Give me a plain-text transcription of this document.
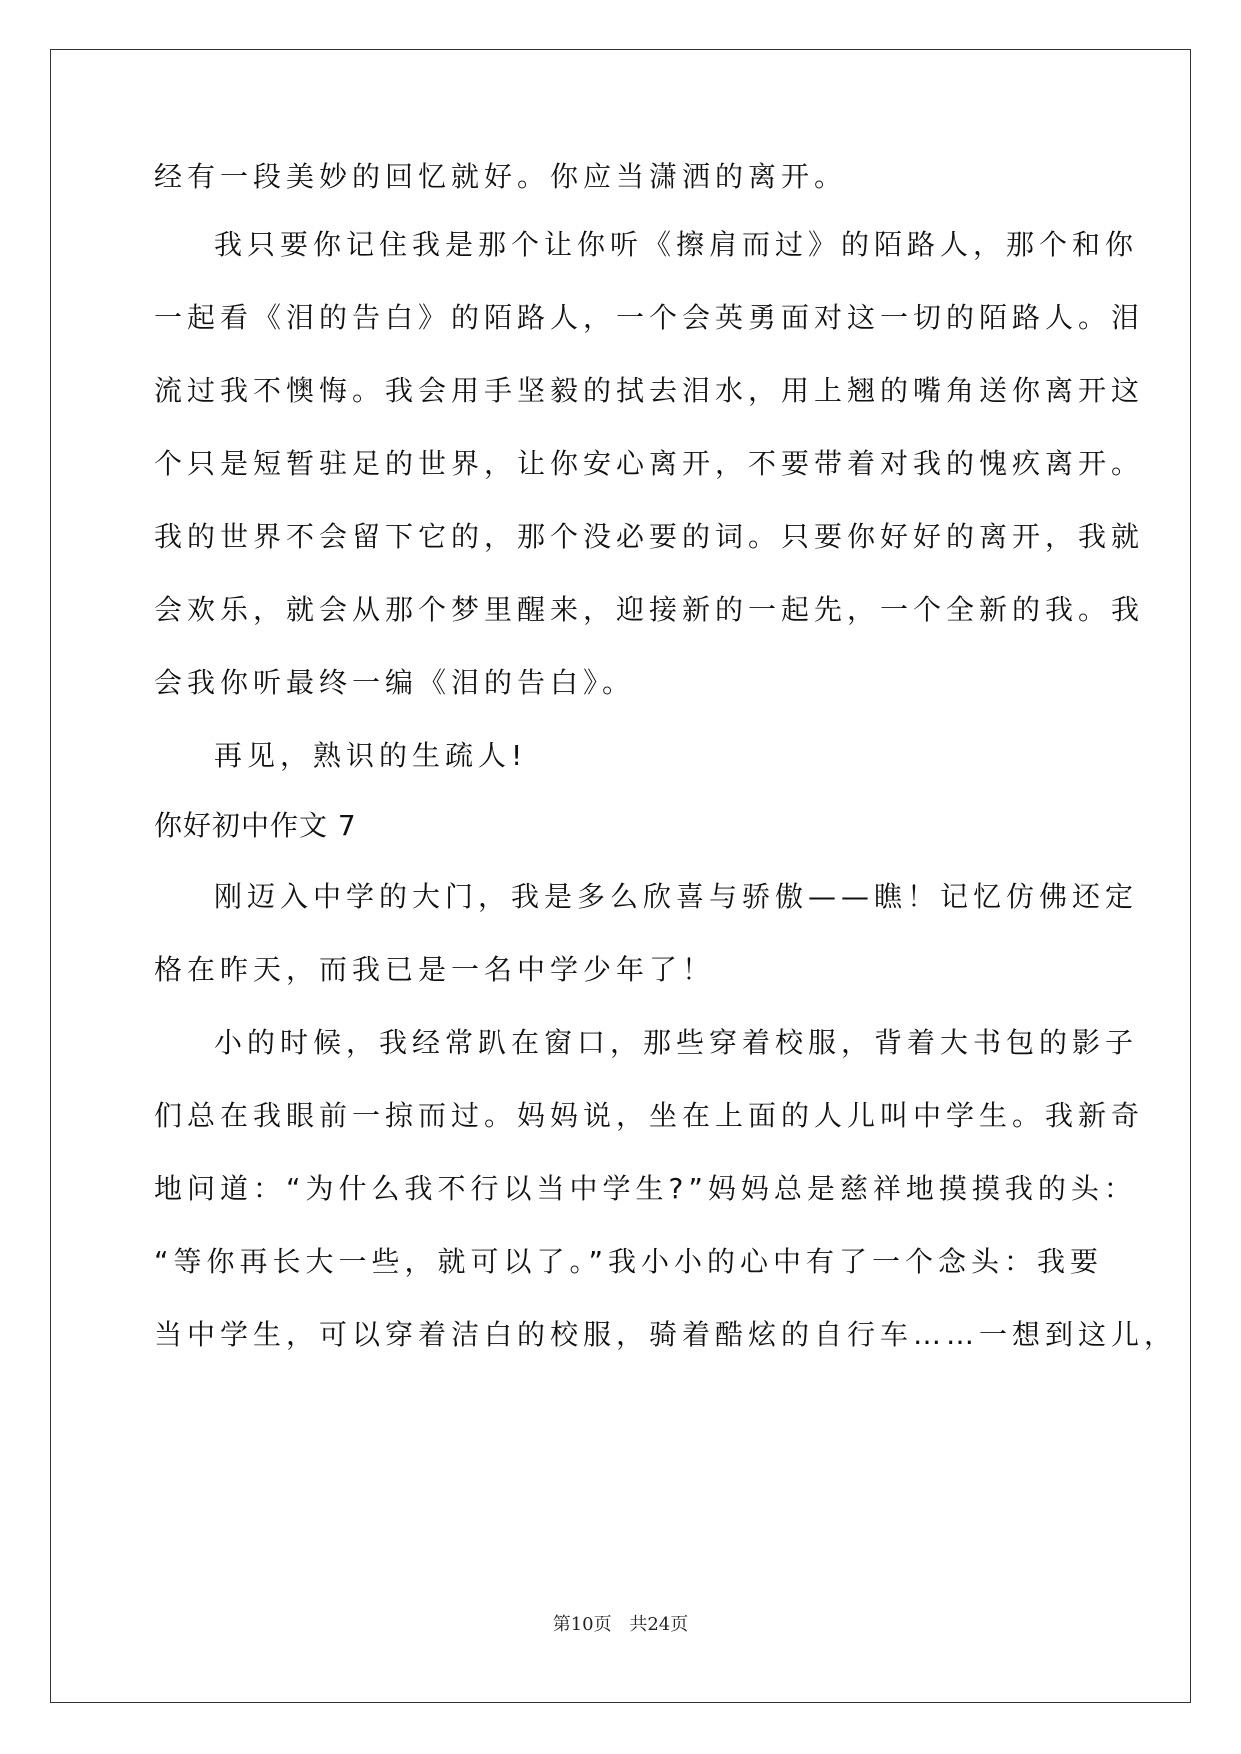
经有一段美妙的回忆就好。你应当潇洒的离开。

我只要你记住我是那个让你听《擦肩而过》的陌路人，那个和你

一起看《泪的告白》的陌路人，一个会英勇面对这一切的陌路人。泪

流过我不懊悔。我会用手坚毅的拭去泪水，用上翘的嘴角送你离开这

个只是短暂驻足的世界，让你安心离开，不要带着对我的愧疚离开。

我的世界不会留下它的，那个没必要的词。只要你好好的离开，我就

会欢乐，就会从那个梦里醒来，迎接新的一起先，一个全新的我。我

会我你听最终一编《泪的告白》。

再见，熟识的生疏人!

你好初中作文 7

刚迈入中学的大门，我是多么欣喜与骄傲——瞧！记忆仿佛还定

格在昨天，而我已是一名中学少年了！

小的时候，我经常趴在窗口，那些穿着校服，背着大书包的影子

们总在我眼前一掠而过。妈妈说，坐在上面的人儿叫中学生。我新奇

地问道：“为什么我不行以当中学生?”妈妈总是慈祥地摸摸我的头：

“等你再长大一些，就可以了。”我小小的心中有了一个念头：我要

当中学生，可以穿着洁白的校服，骑着酷炫的自行车……一想到这儿，

第10页 共24页
